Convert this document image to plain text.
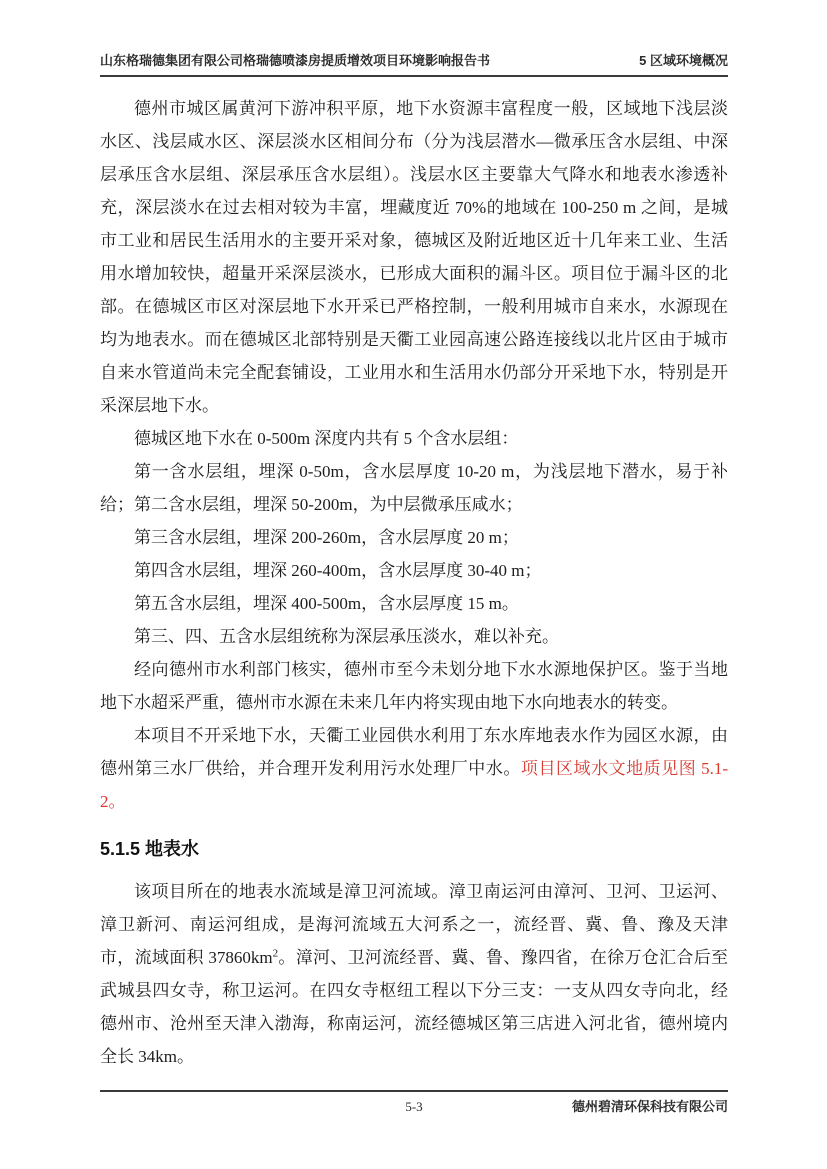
山东格瑞德集团有限公司格瑞德喷漆房提质增效项目环境影响报告书	5 区域环境概况

德州市城区属黄河下游冲积平原，地下水资源丰富程度一般，区域地下浅层淡水区、浅层咸水区、深层淡水区相间分布（分为浅层潜水—微承压含水层组、中深层承压含水层组、深层承压含水层组）。浅层水区主要靠大气降水和地表水渗透补充，深层淡水在过去相对较为丰富，埋藏度近 70%的地域在 100-250 m 之间，是城市工业和居民生活用水的主要开采对象，德城区及附近地区近十几年来工业、生活用水增加较快，超量开采深层淡水，已形成大面积的漏斗区。项目位于漏斗区的北部。在德城区市区对深层地下水开采已严格控制，一般利用城市自来水，水源现在均为地表水。而在德城区北部特别是天衢工业园高速公路连接线以北片区由于城市自来水管道尚未完全配套铺设，工业用水和生活用水仍部分开采地下水，特别是开采深层地下水。

德城区地下水在 0-500m 深度内共有 5 个含水层组：

第一含水层组，埋深 0-50m，含水层厚度 10-20 m，为浅层地下潜水，易于补给；第二含水层组，埋深 50-200m，为中层微承压咸水；

第三含水层组，埋深 200-260m，含水层厚度 20 m；

第四含水层组，埋深 260-400m，含水层厚度 30-40 m；

第五含水层组，埋深 400-500m，含水层厚度 15 m。

第三、四、五含水层组统称为深层承压淡水，难以补充。

经向德州市水利部门核实，德州市至今未划分地下水水源地保护区。鉴于当地地下水超采严重，德州市水源在未来几年内将实现由地下水向地表水的转变。

本项目不开采地下水，天衢工业园供水利用丁东水库地表水作为园区水源，由德州第三水厂供给，并合理开发利用污水处理厂中水。项目区域水文地质见图 5.1-2。

5.1.5 地表水

该项目所在的地表水流域是漳卫河流域。漳卫南运河由漳河、卫河、卫运河、漳卫新河、南运河组成，是海河流域五大河系之一，流经晋、冀、鲁、豫及天津市，流域面积 $37860km^2$。漳河、卫河流经晋、冀、鲁、豫四省，在徐万仓汇合后至武城县四女寺，称卫运河。在四女寺枢纽工程以下分三支：一支从四女寺向北，经德州市、沧州至天津入渤海，称南运河，流经德城区第三店进入河北省，德州境内全长 34km。

5-3	德州碧清环保科技有限公司
